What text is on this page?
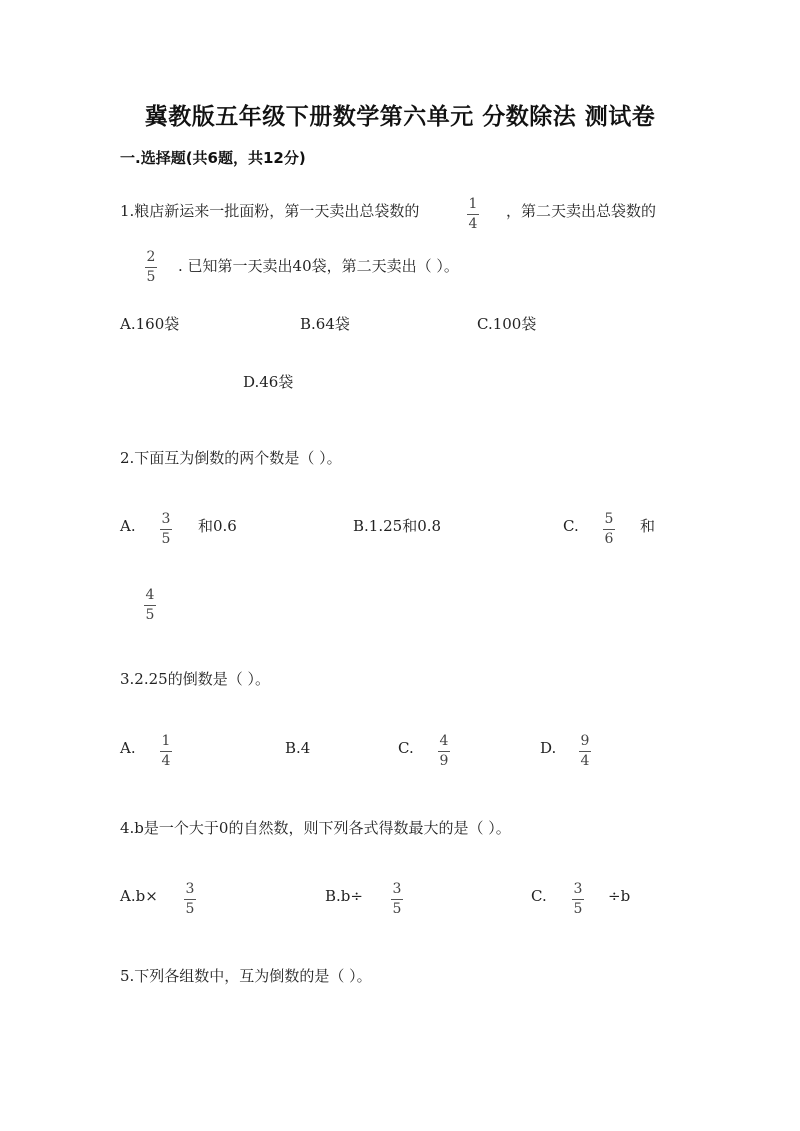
冀教版五年级下册数学第六单元 分数除法 测试卷
一.选择题(共6题，共12分)
1.粮店新运来一批面粉，第一天卖出总袋数的	1
4
，第二天卖出总袋数的
2
5
. 已知第一天卖出40袋，第二天卖出（ ）。
A.160袋	B.64袋	C.100袋
D.46袋
2.下面互为倒数的两个数是（ ）。
A. 3
5
和0.6	B.1.25和0.8	C. 5
6
和
4
5
3.2.25的倒数是（ ）。
A. 1
4
B.4	C. 4
9
D. 9
4
4.b是一个大于0的自然数，则下列各式得数最大的是（ ）。
A.b× 3
5
B.b÷ 3
5
C. 3
5
÷b
5.下列各组数中，互为倒数的是（ ）。
